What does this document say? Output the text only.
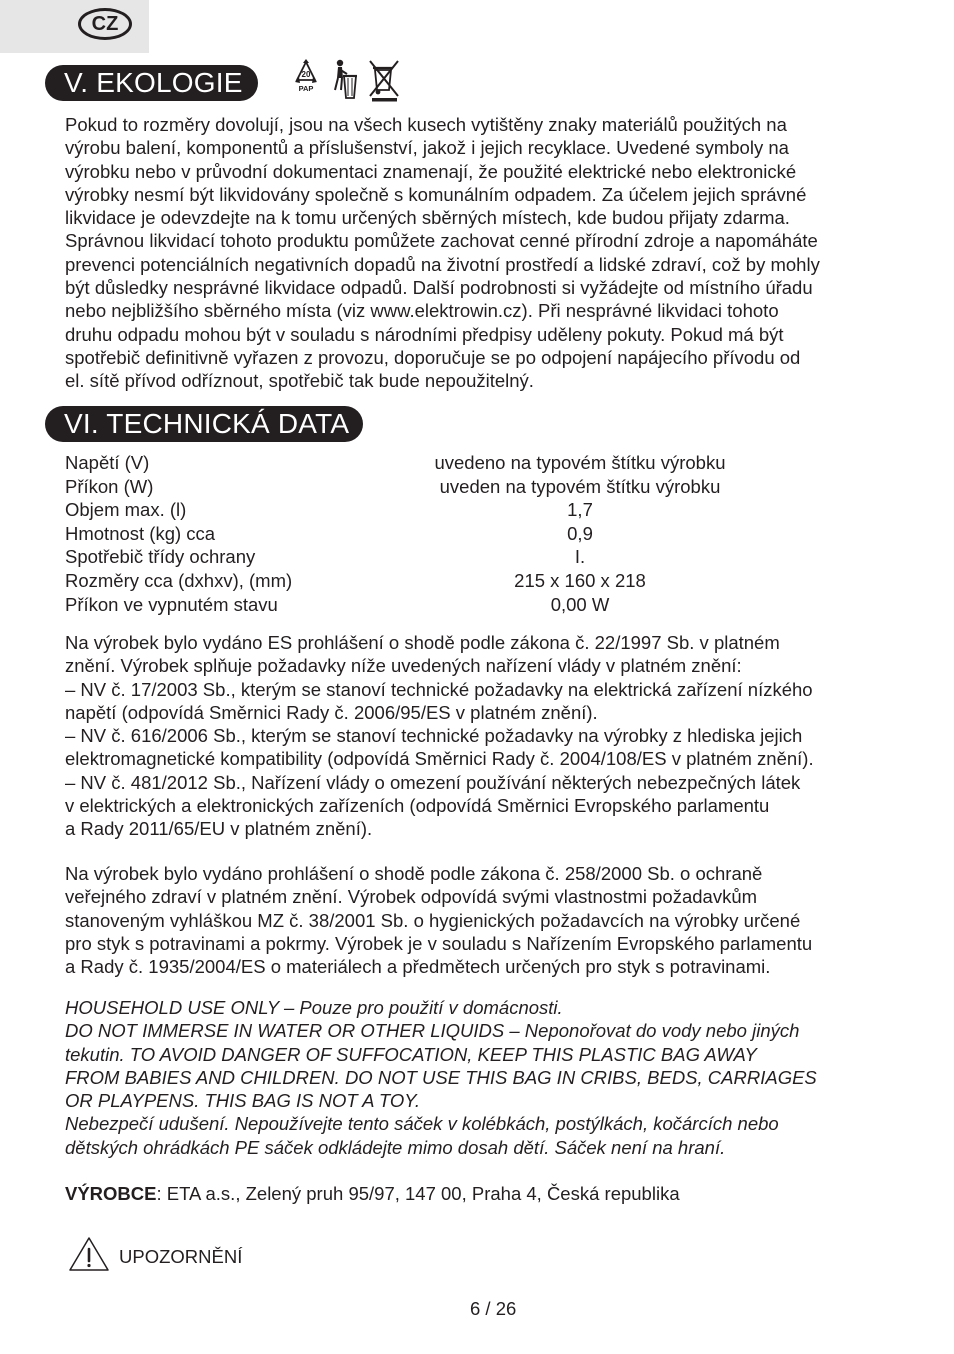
CZ
V. EKOLOGIE	20
PAP

Pokud to rozměry dovolují, jsou na všech kusech vytištěny znaky materiálů použitých na
výrobu balení, komponentů a příslušenství, jakož i jejich recyklace. Uvedené symboly na
výrobku nebo v průvodní dokumentaci znamenají, že použité elektrické nebo elektronické
výrobky nesmí být likvidovány společně s komunálním odpadem. Za účelem jejich správné
likvidace je odevzdejte na k tomu určených sběrných místech, kde budou přijaty zdarma.
Správnou likvidací tohoto produktu pomůžete zachovat cenné přírodní zdroje a napomáháte
prevenci potenciálních negativních dopadů na životní prostředí a lidské zdraví, což by mohly
být důsledky nesprávné likvidace odpadů. Další podrobnosti si vyžádejte od místního úřadu
nebo nejbližšího sběrného místa (viz www.elektrowin.cz). Při nesprávné likvidaci tohoto
druhu odpadu mohou být v souladu s národními předpisy uděleny pokuty. Pokud má být
spotřebič definitivně vyřazen z provozu, doporučuje se po odpojení napájecího přívodu od
el. sítě přívod odříznout, spotřebič tak bude nepoužitelný.

VI. TECHNICKÁ DATA
Napětí (V)	uvedeno na typovém štítku výrobku
Příkon (W)	uveden na typovém štítku výrobku
Objem max. (l)	1,7
Hmotnost (kg) cca	0,9
Spotřebič třídy ochrany	I.
Rozměry cca (dxhxv), (mm)	215 x 160 x 218
Příkon ve vypnutém stavu	0,00 W

Na výrobek bylo vydáno ES prohlášení o shodě podle zákona č. 22/1997 Sb. v platném
znění. Výrobek splňuje požadavky níže uvedených nařízení vlády v platném znění:
– NV č. 17/2003 Sb., kterým se stanoví technické požadavky na elektrická zařízení nízkého
napětí (odpovídá Směrnici Rady č. 2006/95/ES v platném znění).
– NV č. 616/2006 Sb., kterým se stanoví technické požadavky na výrobky z hlediska jejich
elektromagnetické kompatibility (odpovídá Směrnici Rady č. 2004/108/ES v platném znění).
– NV č. 481/2012 Sb., Nařízení vlády o omezení používání některých nebezpečných látek
v elektrických a elektronických zařízeních (odpovídá Směrnici Evropského parlamentu
a Rady 2011/65/EU v platném znění).

Na výrobek bylo vydáno prohlášení o shodě podle zákona č. 258/2000 Sb. o ochraně
veřejného zdraví v platném znění. Výrobek odpovídá svými vlastnostmi požadavkům
stanoveným vyhláškou MZ č. 38/2001 Sb. o hygienických požadavcích na výrobky určené
pro styk s potravinami a pokrmy. Výrobek je v souladu s Nařízením Evropského parlamentu
a Rady č. 1935/2004/ES o materiálech a předmětech určených pro styk s potravinami.

HOUSEHOLD USE ONLY – Pouze pro použití v domácnosti.
DO NOT IMMERSE IN WATER OR OTHER LIQUIDS – Neponořovat do vody nebo jiných
tekutin. TO AVOID DANGER OF SUFFOCATION, KEEP THIS PLASTIC BAG AWAY
FROM BABIES AND CHILDREN. DO NOT USE THIS BAG IN CRIBS, BEDS, CARRIAGES
OR PLAYPENS. THIS BAG IS NOT A TOY.
Nebezpečí udušení. Nepoužívejte tento sáček v kolébkách, postýlkách, kočárcích nebo
dětských ohrádkách PE sáček odkládejte mimo dosah dětí. Sáček není na hraní.

VÝROBCE: ETA a.s., Zelený pruh 95/97, 147 00, Praha 4, Česká republika

UPOZORNĚNÍ
6 / 26
